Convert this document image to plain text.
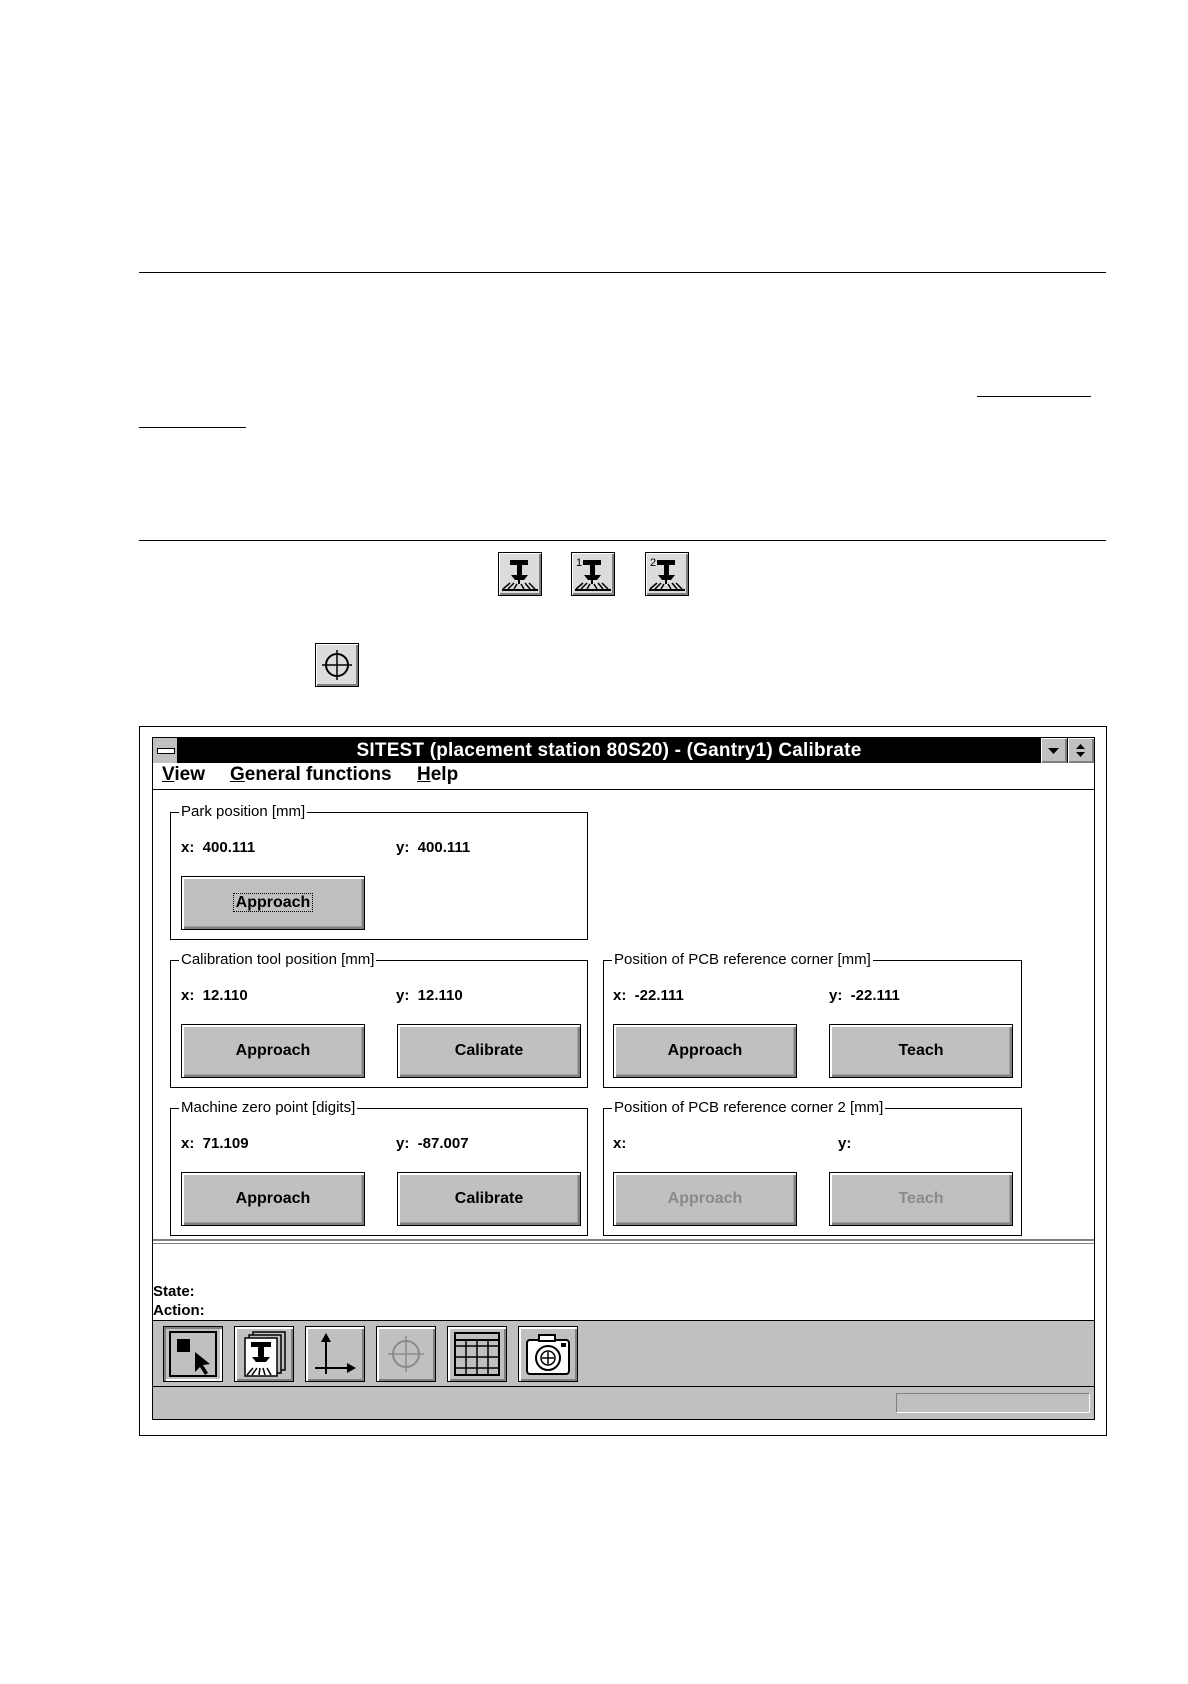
1	2
SITEST (placement station 80S20) - (Gantry1) Calibrate
View General functions Help
Park position [mm]
x:  400.111	y:  400.111
Approach
Calibration tool position [mm]
x:  12.110	y:  12.110
Approach	Calibrate
Position of PCB reference corner [mm]
x:  -22.111	y:  -22.111
Approach	Teach
Machine zero point [digits]
x:  71.109	y:  -87.007
Approach	Calibrate
Position of PCB reference corner 2 [mm]
x:	y:
Approach	Teach
State:
Action:
